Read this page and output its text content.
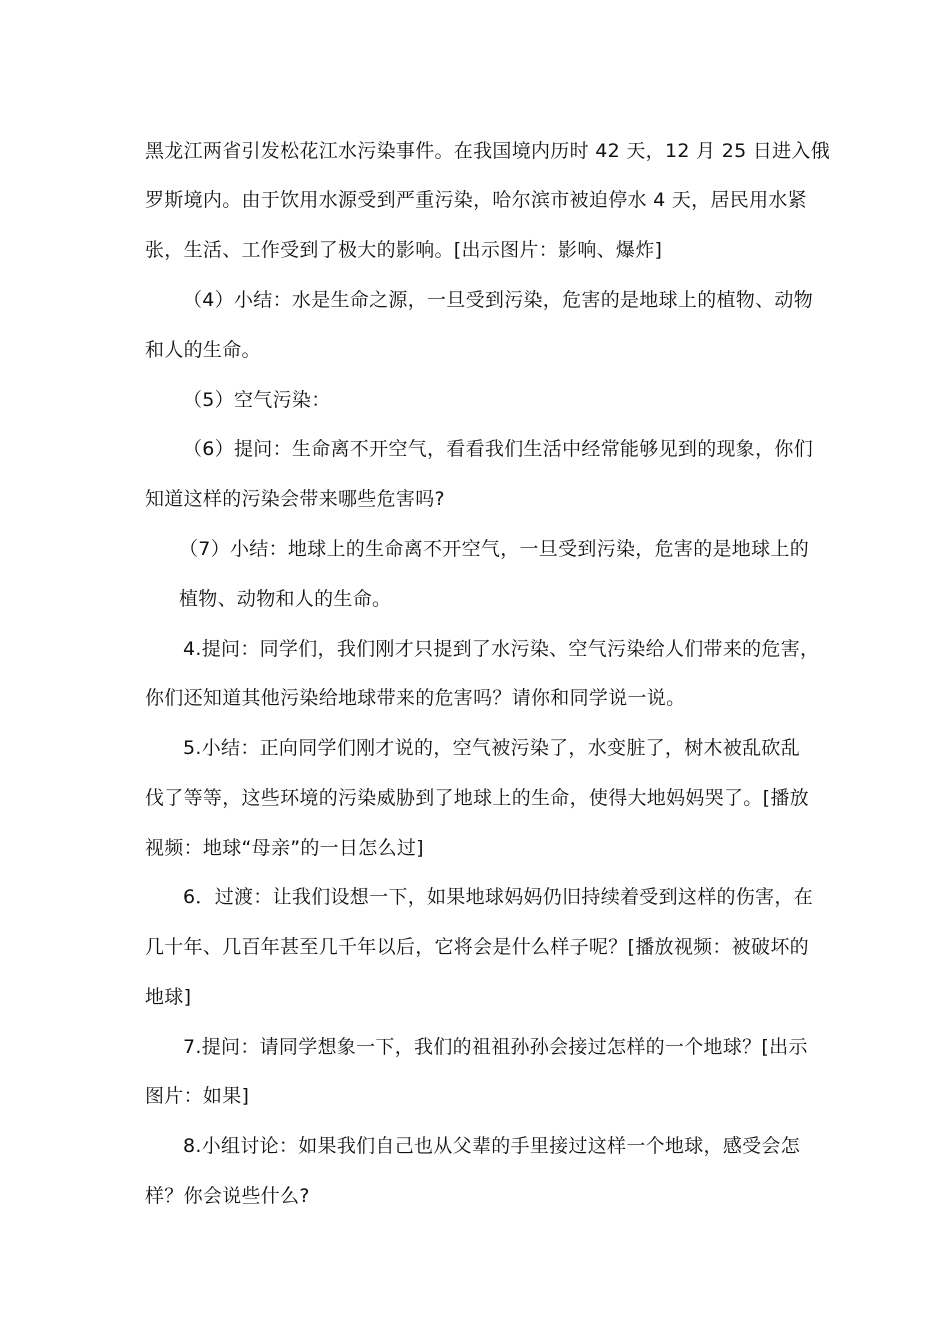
黑龙江两省引发松花江水污染事件。在我国境内历时 42 天，12 月 25 日进入俄
罗斯境内。由于饮用水源受到严重污染，哈尔滨市被迫停水 4 天，居民用水紧
张，生活、工作受到了极大的影响。[出示图片：影响、爆炸]
（4）小结：水是生命之源，一旦受到污染，危害的是地球上的植物、动物
和人的生命。
（5）空气污染：
（6）提问：生命离不开空气，看看我们生活中经常能够见到的现象，你们
知道这样的污染会带来哪些危害吗?
（7）小结：地球上的生命离不开空气，一旦受到污染，危害的是地球上的
植物、动物和人的生命。
4.提问：同学们，我们刚才只提到了水污染、空气污染给人们带来的危害，
你们还知道其他污染给地球带来的危害吗？请你和同学说一说。
5.小结：正向同学们刚才说的，空气被污染了，水变脏了，树木被乱砍乱
伐了等等，这些环境的污染威胁到了地球上的生命，使得大地妈妈哭了。[播放
视频：地球“母亲”的一日怎么过]
6．过渡：让我们设想一下，如果地球妈妈仍旧持续着受到这样的伤害，在
几十年、几百年甚至几千年以后，它将会是什么样子呢？[播放视频：被破坏的
地球]
7.提问：请同学想象一下，我们的祖祖孙孙会接过怎样的一个地球？[出示
图片：如果]
8.小组讨论：如果我们自己也从父辈的手里接过这样一个地球，感受会怎
样？你会说些什么?
